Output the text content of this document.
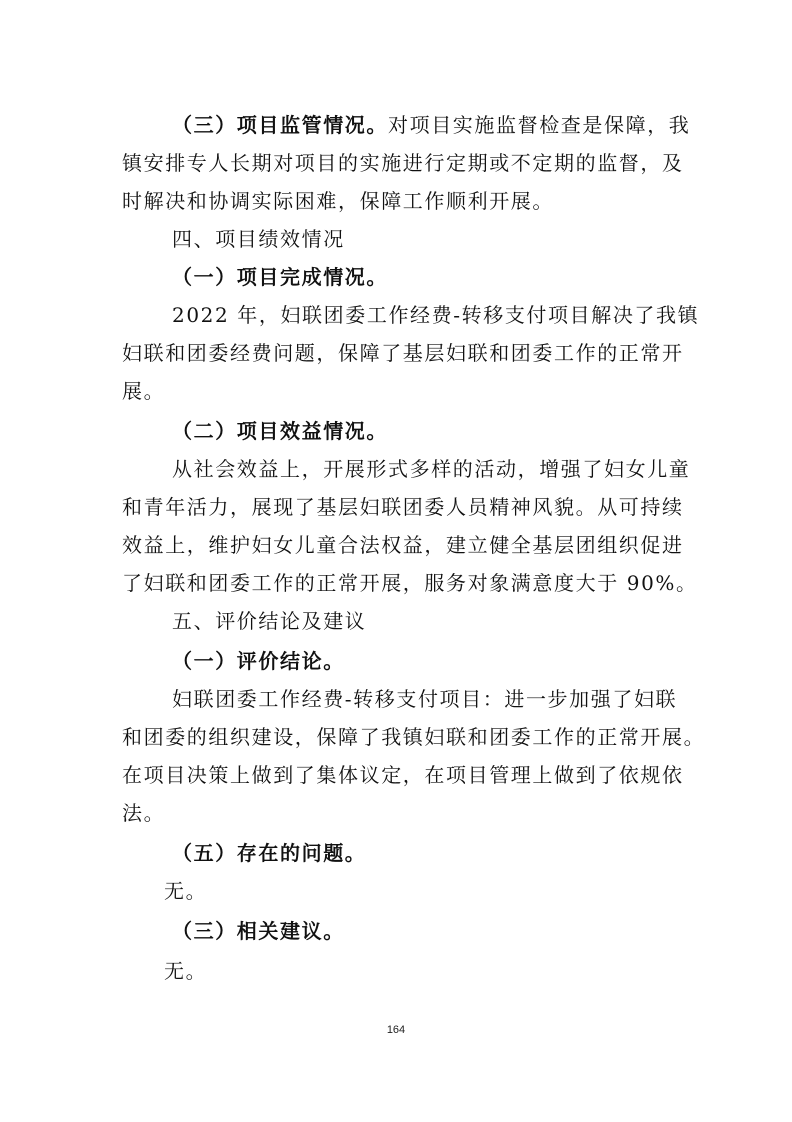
（三）项目监管情况。对项目实施监督检查是保障，我
镇安排专人长期对项目的实施进行定期或不定期的监督，及
时解决和协调实际困难，保障工作顺利开展。
四、项目绩效情况
（一）项目完成情况。
2022 年，妇联团委工作经费-转移支付项目解决了我镇
妇联和团委经费问题，保障了基层妇联和团委工作的正常开
展。
（二）项目效益情况。
从社会效益上，开展形式多样的活动，增强了妇女儿童
和青年活力，展现了基层妇联团委人员精神风貌。从可持续
效益上，维护妇女儿童合法权益，建立健全基层团组织促进
了妇联和团委工作的正常开展，服务对象满意度大于 90%。
五、评价结论及建议
（一）评价结论。
妇联团委工作经费-转移支付项目：进一步加强了妇联
和团委的组织建设，保障了我镇妇联和团委工作的正常开展。
在项目决策上做到了集体议定，在项目管理上做到了依规依
法。
（五）存在的问题。
无。
（三）相关建议。
无。
164
